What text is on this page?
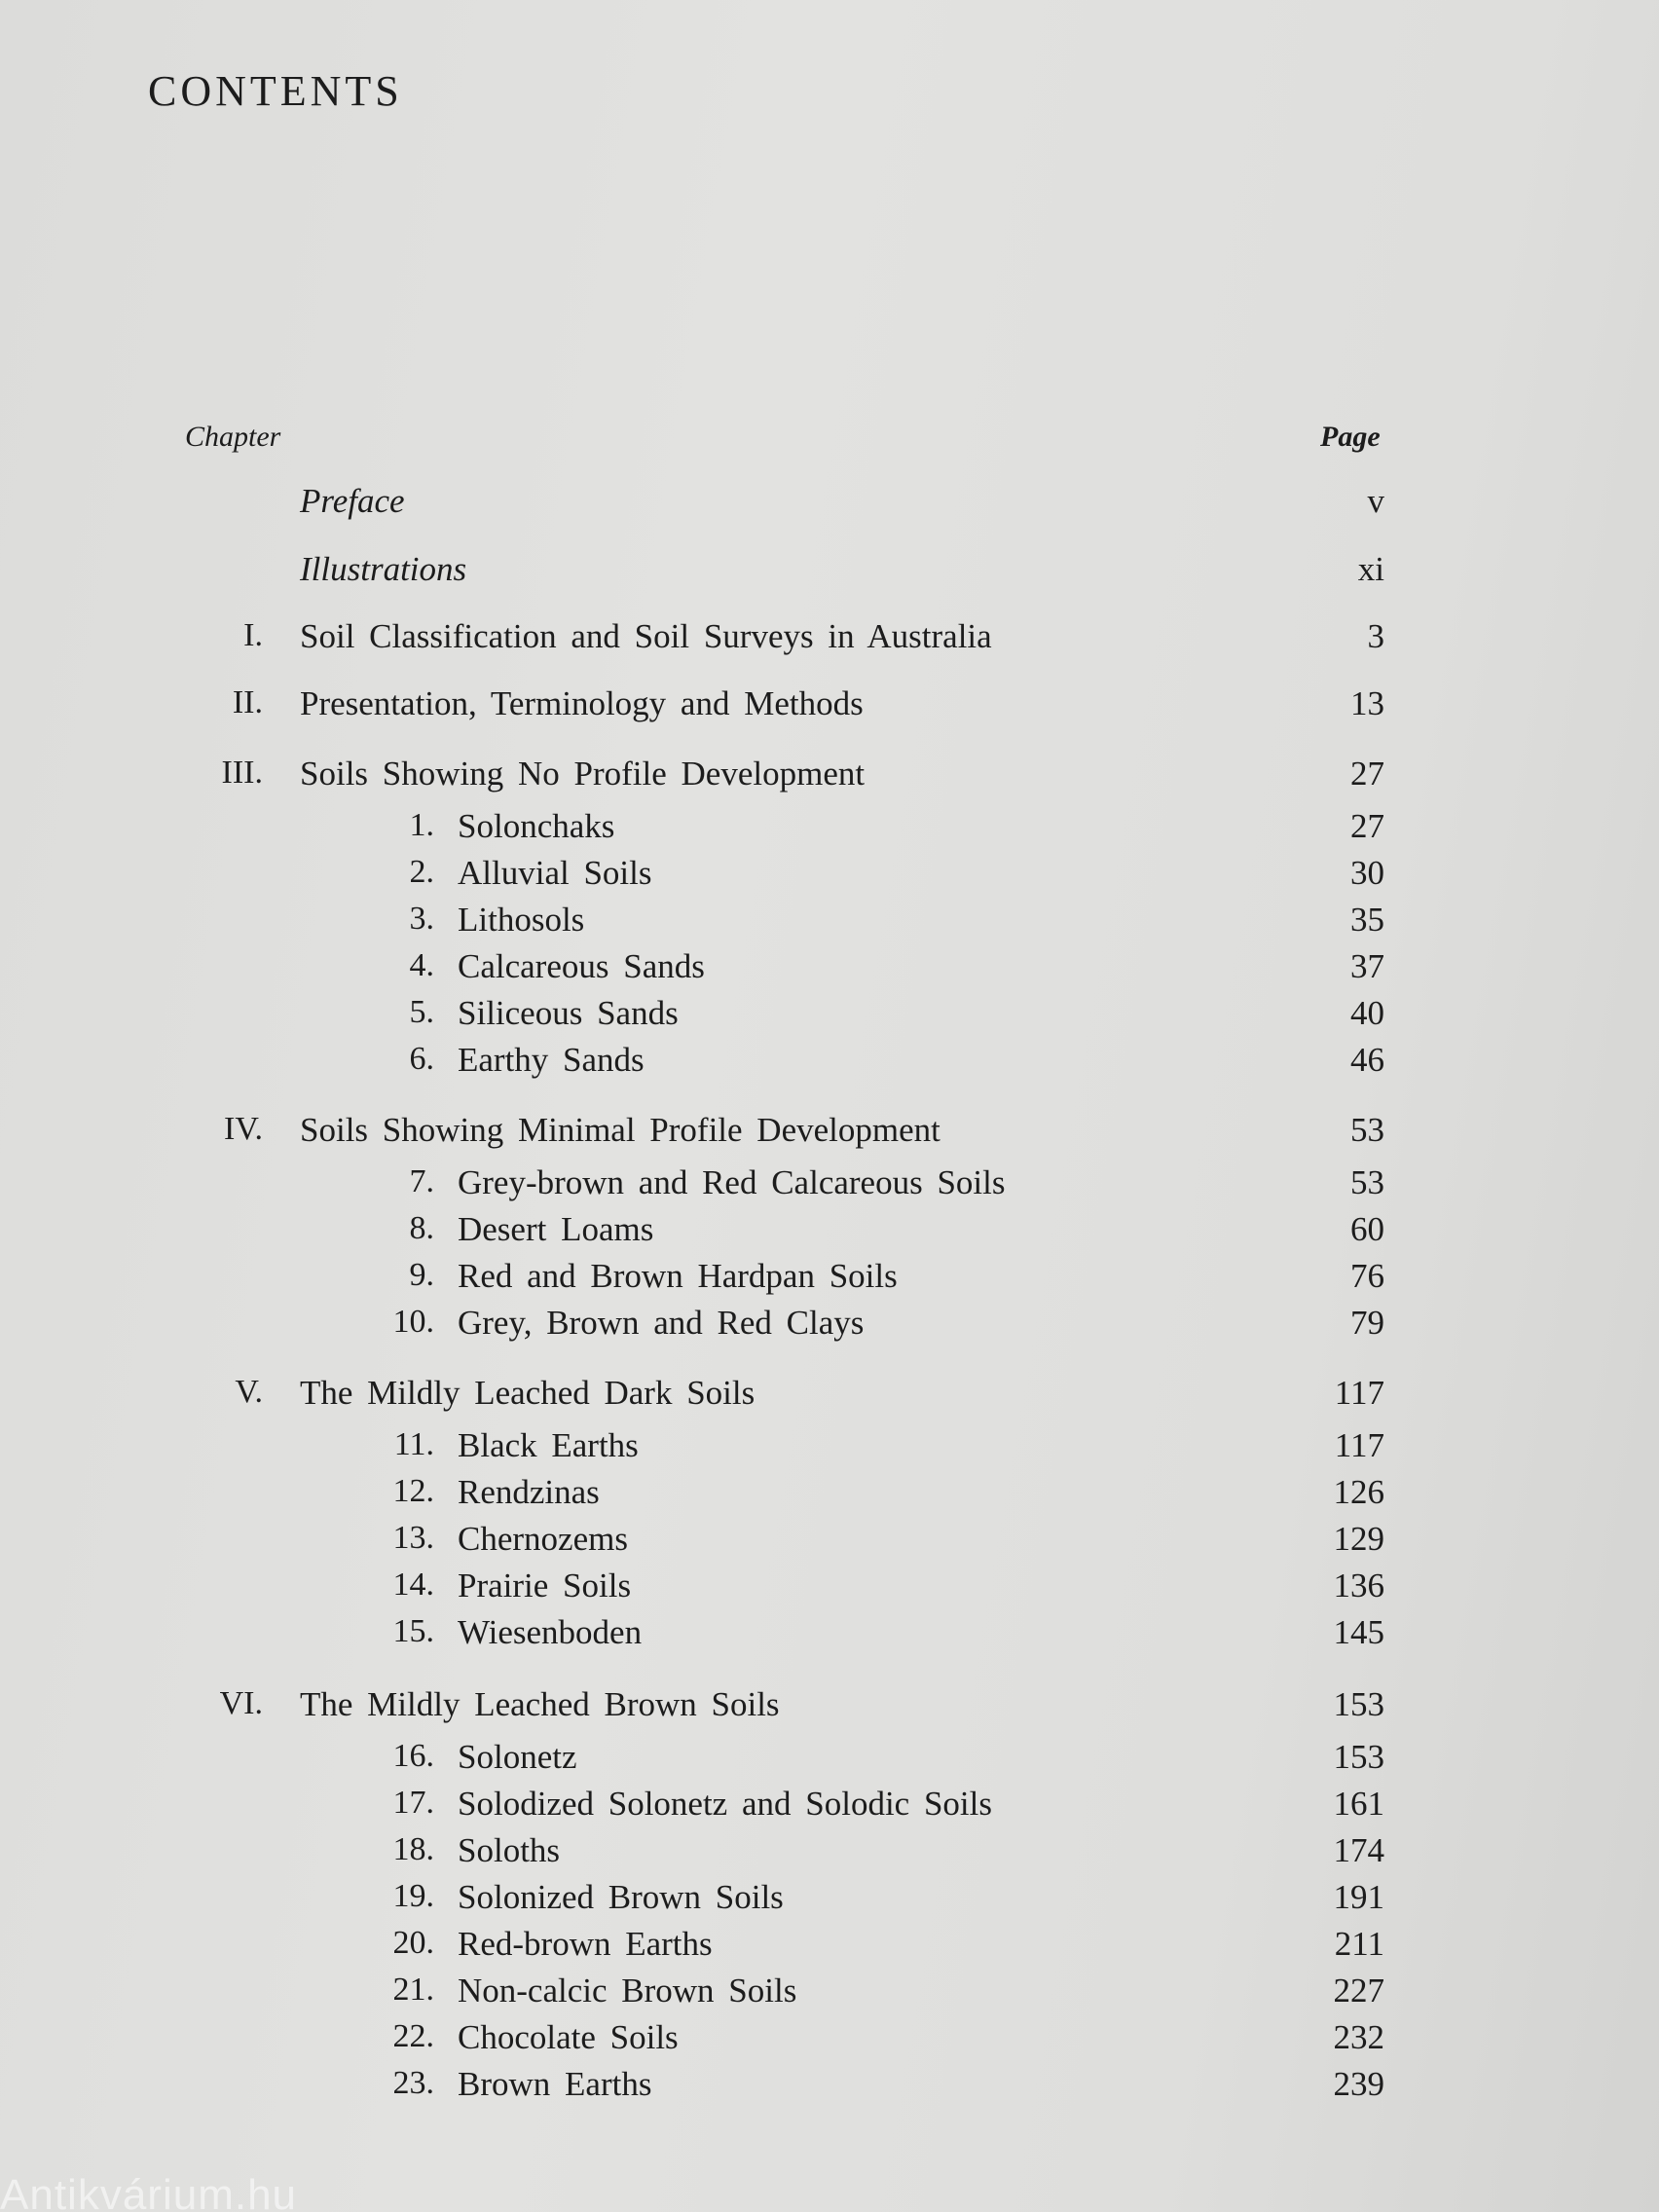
CONTENTS
Chapter	Page
Preface	v
Illustrations	xi
I. Soil Classification and Soil Surveys in Australia	3
II. Presentation, Terminology and Methods	13
III. Soils Showing No Profile Development	27
1. Solonchaks	27
2. Alluvial Soils	30
3. Lithosols	35
4. Calcareous Sands	37
5. Siliceous Sands	40
6. Earthy Sands	46
IV. Soils Showing Minimal Profile Development	53
7. Grey-brown and Red Calcareous Soils	53
8. Desert Loams	60
9. Red and Brown Hardpan Soils	76
10. Grey, Brown and Red Clays	79
V. The Mildly Leached Dark Soils	117
11. Black Earths	117
12. Rendzinas	126
13. Chernozems	129
14. Prairie Soils	136
15. Wiesenboden	145
VI. The Mildly Leached Brown Soils	153
16. Solonetz	153
17. Solodized Solonetz and Solodic Soils	161
18. Soloths	174
19. Solonized Brown Soils	191
20. Red-brown Earths	211
21. Non-calcic Brown Soils	227
22. Chocolate Soils	232
23. Brown Earths	239
Antikvárium.hu
